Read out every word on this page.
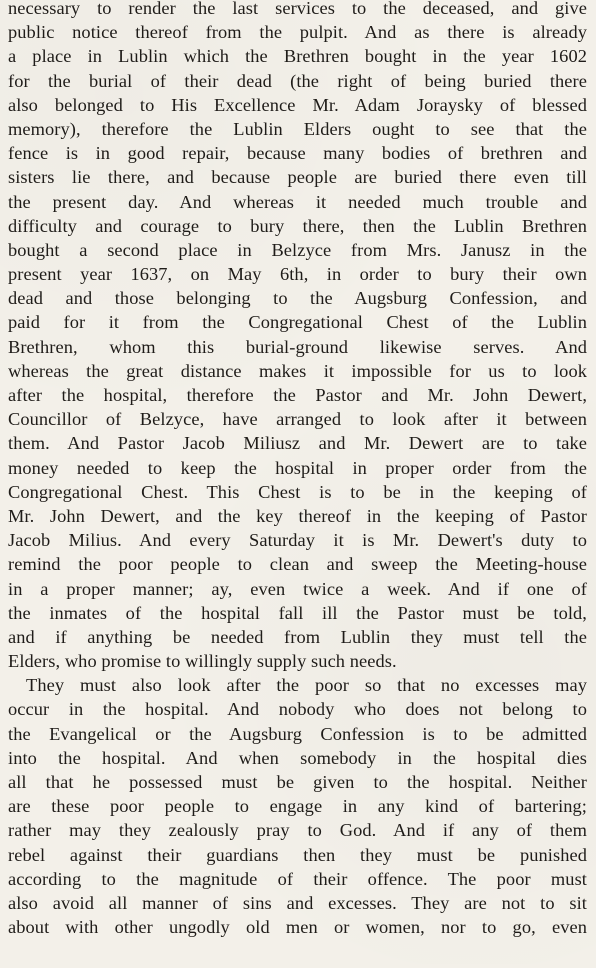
necessary to render the last services to the deceased, and give
public notice thereof from the pulpit. And as there is already
a place in Lublin which the Brethren bought in the year 1602
for the burial of their dead (the right of being buried there
also belonged to His Excellence Mr. Adam Joraysky of blessed
memory), therefore the Lublin Elders ought to see that the
fence is in good repair, because many bodies of brethren and
sisters lie there, and because people are buried there even till
the present day. And whereas it needed much trouble and
difficulty and courage to bury there, then the Lublin Brethren
bought a second place in Belzyce from Mrs. Janusz in the
present year 1637, on May 6th, in order to bury their own
dead and those belonging to the Augsburg Confession, and
paid for it from the Congregational Chest of the Lublin
Brethren, whom this burial-ground likewise serves. And
whereas the great distance makes it impossible for us to look
after the hospital, therefore the Pastor and Mr. John Dewert,
Councillor of Belzyce, have arranged to look after it between
them. And Pastor Jacob Miliusz and Mr. Dewert are to take
money needed to keep the hospital in proper order from the
Congregational Chest. This Chest is to be in the keeping of
Mr. John Dewert, and the key thereof in the keeping of Pastor
Jacob Milius. And every Saturday it is Mr. Dewert's duty to
remind the poor people to clean and sweep the Meeting-house
in a proper manner; ay, even twice a week. And if one of
the inmates of the hospital fall ill the Pastor must be told,
and if anything be needed from Lublin they must tell the
Elders, who promise to willingly supply such needs.
They must also look after the poor so that no excesses may
occur in the hospital. And nobody who does not belong to
the Evangelical or the Augsburg Confession is to be admitted
into the hospital. And when somebody in the hospital dies
all that he possessed must be given to the hospital. Neither
are these poor people to engage in any kind of bartering;
rather may they zealously pray to God. And if any of them
rebel against their guardians then they must be punished
according to the magnitude of their offence. The poor must
also avoid all manner of sins and excesses. They are not to sit
about with other ungodly old men or women, nor to go, even
